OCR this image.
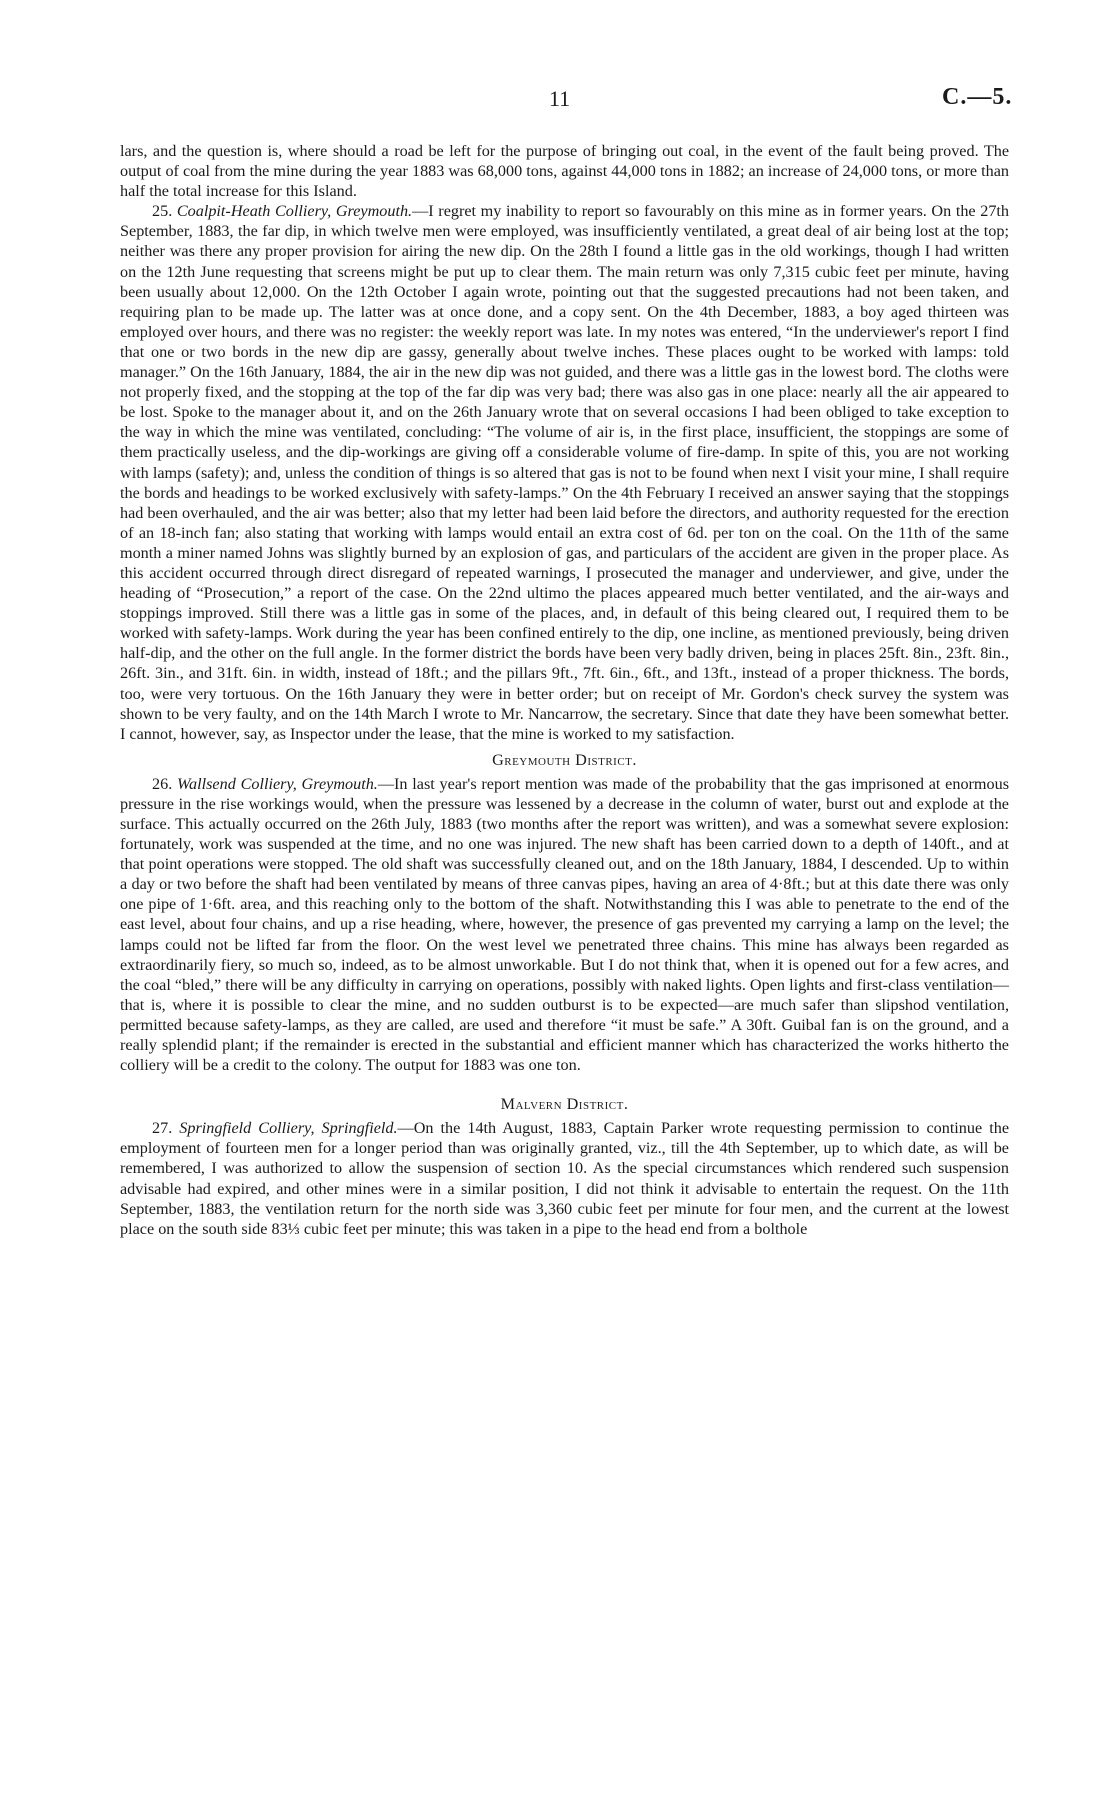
11	C.—5.

lars, and the question is, where should a road be left for the purpose of bringing out coal, in the event of the fault being proved. The output of coal from the mine during the year 1883 was 68,000 tons, against 44,000 tons in 1882; an increase of 24,000 tons, or more than half the total increase for this Island.

25. Coalpit-Heath Colliery, Greymouth.—I regret my inability to report so favourably on this mine as in former years. On the 27th September, 1883, the far dip, in which twelve men were employed, was insufficiently ventilated, a great deal of air being lost at the top; neither was there any proper provision for airing the new dip. On the 28th I found a little gas in the old workings, though I had written on the 12th June requesting that screens might be put up to clear them. The main return was only 7,315 cubic feet per minute, having been usually about 12,000. On the 12th October I again wrote, pointing out that the suggested precautions had not been taken, and requiring plan to be made up. The latter was at once done, and a copy sent. On the 4th December, 1883, a boy aged thirteen was employed over hours, and there was no register: the weekly report was late. In my notes was entered, “In the underviewer's report I find that one or two bords in the new dip are gassy, generally about twelve inches. These places ought to be worked with lamps: told manager.” On the 16th January, 1884, the air in the new dip was not guided, and there was a little gas in the lowest bord. The cloths were not properly fixed, and the stopping at the top of the far dip was very bad; there was also gas in one place: nearly all the air appeared to be lost. Spoke to the manager about it, and on the 26th January wrote that on several occasions I had been obliged to take exception to the way in which the mine was ventilated, concluding: “The volume of air is, in the first place, insufficient, the stoppings are some of them practically useless, and the dip-workings are giving off a considerable volume of fire-damp. In spite of this, you are not working with lamps (safety); and, unless the condition of things is so altered that gas is not to be found when next I visit your mine, I shall require the bords and headings to be worked exclusively with safety-lamps.” On the 4th February I received an answer saying that the stoppings had been overhauled, and the air was better; also that my letter had been laid before the directors, and authority requested for the erection of an 18-inch fan; also stating that working with lamps would entail an extra cost of 6d. per ton on the coal. On the 11th of the same month a miner named Johns was slightly burned by an explosion of gas, and particulars of the accident are given in the proper place. As this accident occurred through direct disregard of repeated warnings, I prosecuted the manager and underviewer, and give, under the heading of “Prosecution,” a report of the case. On the 22nd ultimo the places appeared much better ventilated, and the air-ways and stoppings improved. Still there was a little gas in some of the places, and, in default of this being cleared out, I required them to be worked with safety-lamps. Work during the year has been confined entirely to the dip, one incline, as mentioned previously, being driven half-dip, and the other on the full angle. In the former district the bords have been very badly driven, being in places 25ft. 8in., 23ft. 8in., 26ft. 3in., and 31ft. 6in. in width, instead of 18ft.; and the pillars 9ft., 7ft. 6in., 6ft., and 13ft., instead of a proper thickness. The bords, too, were very tortuous. On the 16th January they were in better order; but on receipt of Mr. Gordon's check survey the system was shown to be very faulty, and on the 14th March I wrote to Mr. Nancarrow, the secretary. Since that date they have been somewhat better. I cannot, however, say, as Inspector under the lease, that the mine is worked to my satisfaction.

Greymouth District.

26. Wallsend Colliery, Greymouth.—In last year's report mention was made of the probability that the gas imprisoned at enormous pressure in the rise workings would, when the pressure was lessened by a decrease in the column of water, burst out and explode at the surface. This actually occurred on the 26th July, 1883 (two months after the report was written), and was a somewhat severe explosion: fortunately, work was suspended at the time, and no one was injured. The new shaft has been carried down to a depth of 140ft., and at that point operations were stopped. The old shaft was successfully cleaned out, and on the 18th January, 1884, I descended. Up to within a day or two before the shaft had been ventilated by means of three canvas pipes, having an area of 4·8ft.; but at this date there was only one pipe of 1·6ft. area, and this reaching only to the bottom of the shaft. Notwithstanding this I was able to penetrate to the end of the east level, about four chains, and up a rise heading, where, however, the presence of gas prevented my carrying a lamp on the level; the lamps could not be lifted far from the floor. On the west level we penetrated three chains. This mine has always been regarded as extraordinarily fiery, so much so, indeed, as to be almost unworkable. But I do not think that, when it is opened out for a few acres, and the coal “bled,” there will be any difficulty in carrying on operations, possibly with naked lights. Open lights and first-class ventilation—that is, where it is possible to clear the mine, and no sudden outburst is to be expected—are much safer than slipshod ventilation, permitted because safety-lamps, as they are called, are used and therefore “it must be safe.” A 30ft. Guibal fan is on the ground, and a really splendid plant; if the remainder is erected in the substantial and efficient manner which has characterized the works hitherto the colliery will be a credit to the colony. The output for 1883 was one ton.

Malvern District.

27. Springfield Colliery, Springfield.—On the 14th August, 1883, Captain Parker wrote requesting permission to continue the employment of fourteen men for a longer period than was originally granted, viz., till the 4th September, up to which date, as will be remembered, I was authorized to allow the suspension of section 10. As the special circumstances which rendered such suspension advisable had expired, and other mines were in a similar position, I did not think it advisable to entertain the request. On the 11th September, 1883, the ventilation return for the north side was 3,360 cubic feet per minute for four men, and the current at the lowest place on the south side 83⅓ cubic feet per minute; this was taken in a pipe to the head end from a bolthole
